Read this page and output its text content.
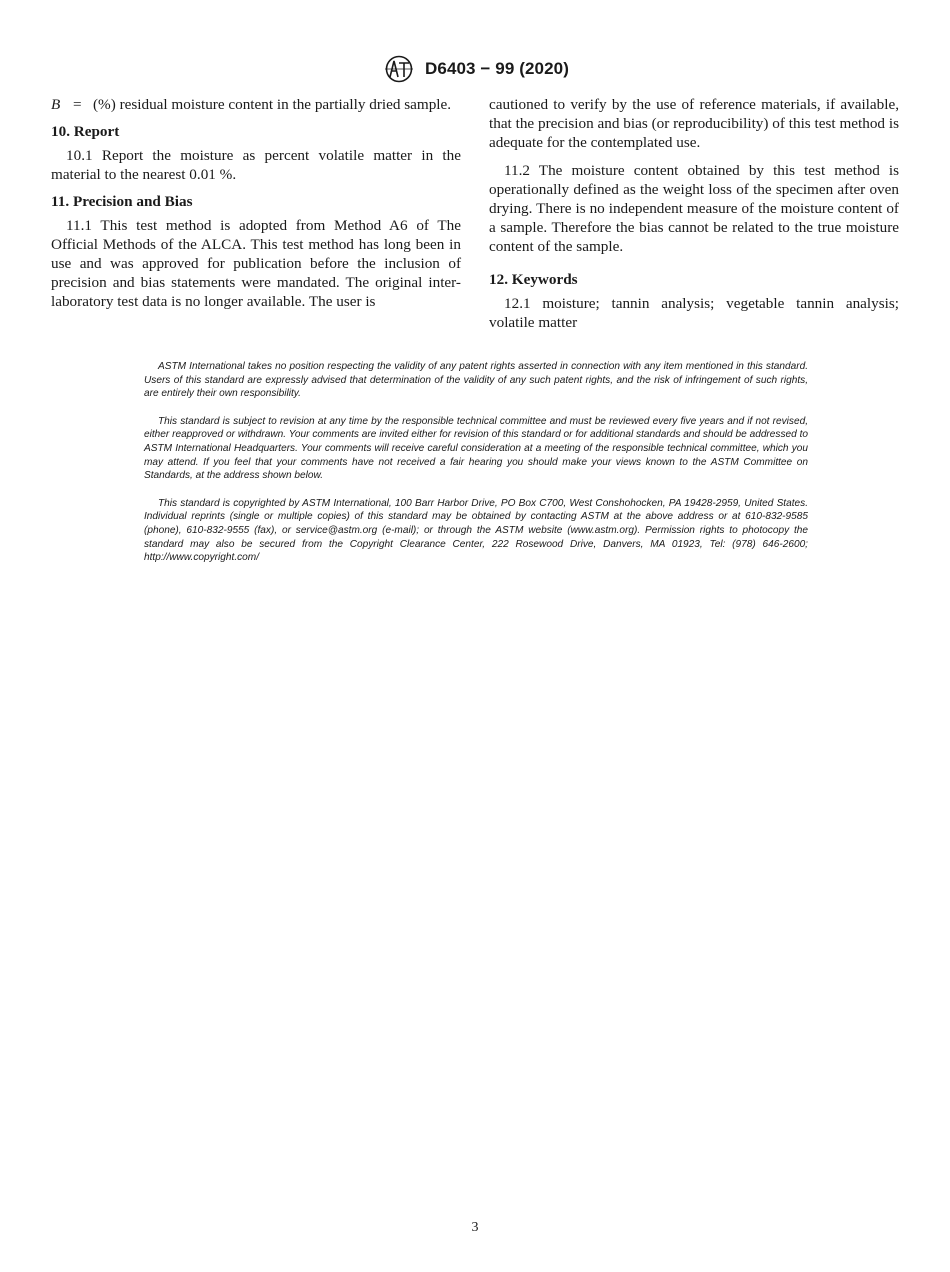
D6403 − 99 (2020)
B = (%) residual moisture content in the partially dried sample.

10. Report

10.1 Report the moisture as percent volatile matter in the material to the nearest 0.01 %.

11. Precision and Bias

11.1 This test method is adopted from Method A6 of The Official Methods of the ALCA. This test method has long been in use and was approved for publication before the inclusion of precision and bias statements were mandated. The original inter-laboratory test data is no longer available. The user is

cautioned to verify by the use of reference materials, if available, that the precision and bias (or reproducibility) of this test method is adequate for the contemplated use.

11.2 The moisture content obtained by this test method is operationally defined as the weight loss of the specimen after oven drying. There is no independent measure of the moisture content of a sample. Therefore the bias cannot be related to the true moisture content of the sample.

12. Keywords

12.1 moisture; tannin analysis; vegetable tannin analysis; volatile matter

ASTM International takes no position respecting the validity of any patent rights asserted in connection with any item mentioned in this standard. Users of this standard are expressly advised that determination of the validity of any such patent rights, and the risk of infringement of such rights, are entirely their own responsibility.

This standard is subject to revision at any time by the responsible technical committee and must be reviewed every five years and if not revised, either reapproved or withdrawn. Your comments are invited either for revision of this standard or for additional standards and should be addressed to ASTM International Headquarters. Your comments will receive careful consideration at a meeting of the responsible technical committee, which you may attend. If you feel that your comments have not received a fair hearing you should make your views known to the ASTM Committee on Standards, at the address shown below.

This standard is copyrighted by ASTM International, 100 Barr Harbor Drive, PO Box C700, West Conshohocken, PA 19428-2959, United States. Individual reprints (single or multiple copies) of this standard may be obtained by contacting ASTM at the above address or at 610-832-9585 (phone), 610-832-9555 (fax), or service@astm.org (e-mail); or through the ASTM website (www.astm.org). Permission rights to photocopy the standard may also be secured from the Copyright Clearance Center, 222 Rosewood Drive, Danvers, MA 01923, Tel: (978) 646-2600; http://www.copyright.com/

3
